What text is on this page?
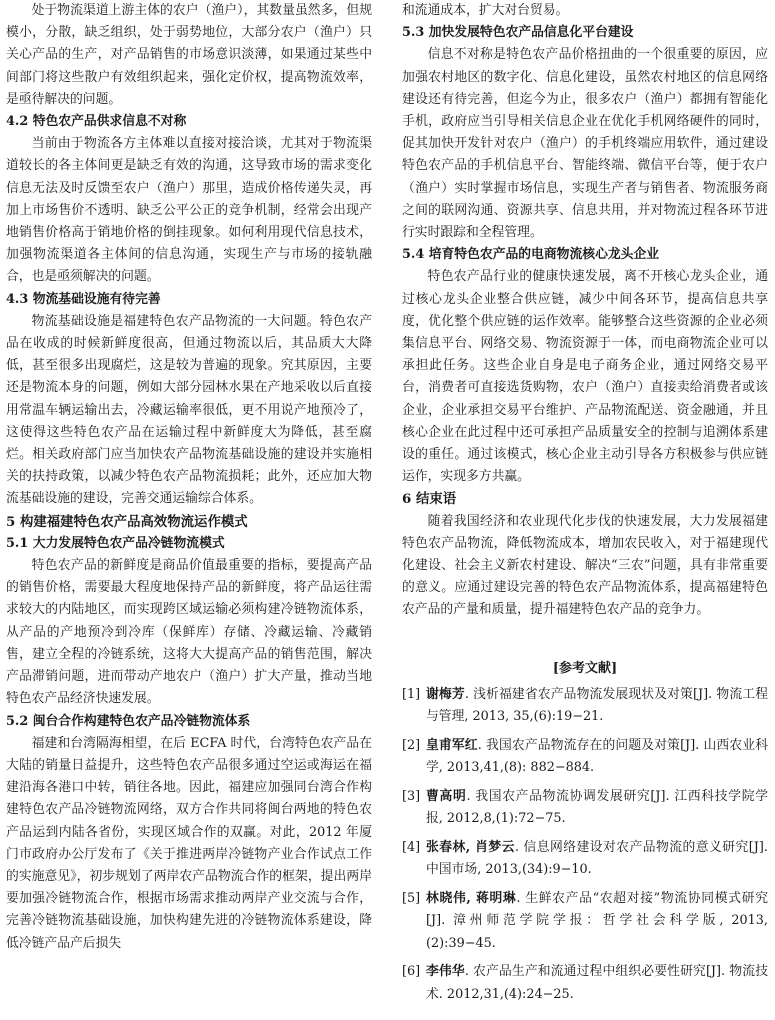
处于物流渠道上游主体的农户（渔户），其数量虽然多，但规模小，分散，缺乏组织，处于弱势地位，大部分农户（渔户）只关心产品的生产，对产品销售的市场意识淡薄，如果通过某些中间部门将这些散户有效组织起来，强化定价权，提高物流效率，是亟待解决的问题。

4.2 特色农产品供求信息不对称

当前由于物流各方主体难以直接对接洽谈，尤其对于物流渠道较长的各主体间更是缺乏有效的沟通，这导致市场的需求变化信息无法及时反馈至农户（渔户）那里，造成价格传递失灵，再加上市场售价不透明、缺乏公平公正的竞争机制，经常会出现产地销售价格高于销地价格的倒挂现象。如何利用现代信息技术，加强物流渠道各主体间的信息沟通，实现生产与市场的接轨融合，也是亟须解决的问题。

4.3 物流基础设施有待完善

物流基础设施是福建特色农产品物流的一大问题。特色农产品在收成的时候新鲜度很高，但通过物流以后，其品质大大降低，甚至很多出现腐烂，这是较为普遍的现象。究其原因，主要还是物流本身的问题，例如大部分园林水果在产地采收以后直接用常温车辆运输出去，冷藏运输率很低，更不用说产地预冷了，这使得这些特色农产品在运输过程中新鲜度大为降低，甚至腐烂。相关政府部门应当加快农产品物流基础设施的建设并实施相关的扶持政策，以减少特色农产品物流损耗；此外，还应加大物流基础设施的建设，完善交通运输综合体系。

5 构建福建特色农产品高效物流运作模式
5.1 大力发展特色农产品冷链物流模式

特色农产品的新鲜度是商品价值最重要的指标，要提高产品的销售价格，需要最大程度地保持产品的新鲜度，将产品运往需求较大的内陆地区，而实现跨区域运输必须构建冷链物流体系，从产品的产地预冷到冷库（保鲜库）存储、冷藏运输、冷藏销售，建立全程的冷链系统，这将大大提高产品的销售范围，解决产品滞销问题，进而带动产地农户（渔户）扩大产量，推动当地特色农产品经济快速发展。

5.2 闽台合作构建特色农产品冷链物流体系

福建和台湾隔海相望，在后 ECFA 时代，台湾特色农产品在大陆的销量日益提升，这些特色农产品很多通过空运或海运在福建沿海各港口中转，销往各地。因此，福建应加强同台湾合作构建特色农产品冷链物流网络，双方合作共同将闽台两地的特色农产品运到内陆各省份，实现区域合作的双赢。对此，2012 年厦门市政府办公厅发布了《关于推进两岸冷链物产业合作试点工作的实施意见》，初步规划了两岸农产品物流合作的框架，提出两岸要加强冷链物流合作，根据市场需求推动两岸产业交流与合作，完善冷链物流基础设施，加快构建先进的冷链物流体系建设，降低冷链产品产后损失

和流通成本，扩大对台贸易。

5.3 加快发展特色农产品信息化平台建设

信息不对称是特色农产品价格扭曲的一个很重要的原因，应加强农村地区的数字化、信息化建设，虽然农村地区的信息网络建设还有待完善，但迄今为止，很多农户（渔户）都拥有智能化手机，政府应当引导相关信息企业在优化手机网络硬件的同时，促其加快开发针对农户（渔户）的手机终端应用软件，通过建设特色农产品的手机信息平台、智能终端、微信平台等，便于农户（渔户）实时掌握市场信息，实现生产者与销售者、物流服务商之间的联网沟通、资源共享、信息共用，并对物流过程各环节进行实时跟踪和全程管理。

5.4 培育特色农产品的电商物流核心龙头企业

特色农产品行业的健康快速发展，离不开核心龙头企业，通过核心龙头企业整合供应链，减少中间各环节，提高信息共享度，优化整个供应链的运作效率。能够整合这些资源的企业必须集信息平台、网络交易、物流资源于一体，而电商物流企业可以承担此任务。这些企业自身是电子商务企业，通过网络交易平台，消费者可直接选货购物，农户（渔户）直接卖给消费者或该企业，企业承担交易平台维护、产品物流配送、资金融通，并且核心企业在此过程中还可承担产品质量安全的控制与追溯体系建设的重任。通过该模式，核心企业主动引导各方积极参与供应链运作，实现多方共赢。

6 结束语

随着我国经济和农业现代化步伐的快速发展，大力发展福建特色农产品物流，降低物流成本，增加农民收入，对于福建现代化建设、社会主义新农村建设、解决“三农”问题，具有非常重要的意义。应通过建设完善的特色农产品物流体系，提高福建特色农产品的产量和质量，提升福建特色农产品的竞争力。

[参考文献]
[1] 谢梅芳. 浅析福建省农产品物流发展现状及对策[J]. 物流工程与管理, 2013, 35,(6):19−21.
[2] 皇甫军红. 我国农产品物流存在的问题及对策[J]. 山西农业科学, 2013,41,(8): 882−884.
[3] 曹高明. 我国农产品物流协调发展研究[J]. 江西科技学院学报, 2012,8,(1):72−75.
[4] 张春林, 肖梦云. 信息网络建设对农产品物流的意义研究[J]. 中国市场, 2013,(34):9−10.
[5] 林晓伟, 蒋明琳. 生鲜农产品“农超对接”物流协同模式研究[J]. 漳州师范学院学报：哲学社会科学版, 2013,(2):39−45.
[6] 李伟华. 农产品生产和流通过程中组织必要性研究[J]. 物流技术. 2012,31,(4):24−25.
